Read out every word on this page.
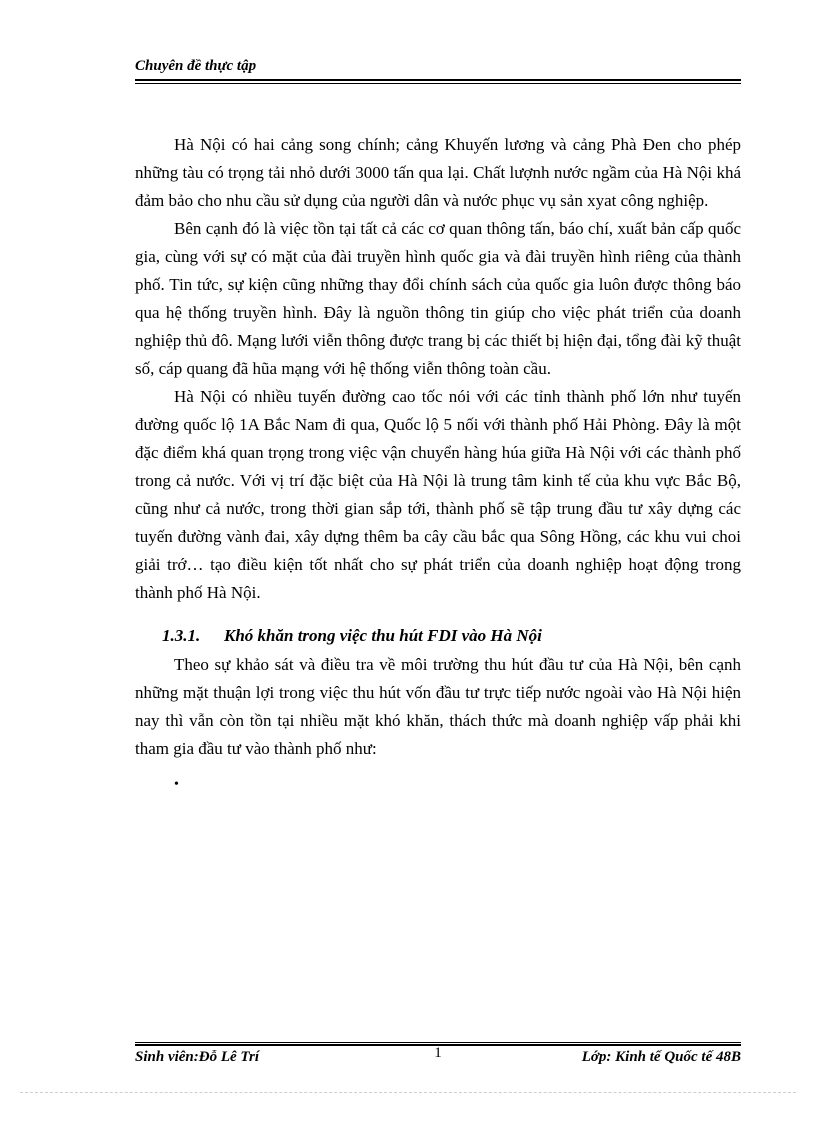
Chuyên đề thực tập

Hà Nội có hai cảng song chính; cảng Khuyến lương và cảng Phà Đen cho phép những tàu có trọng tải nhỏ dưới 3000 tấn qua lại. Chất lượnh nước ngầm của Hà Nội khá đảm bảo cho nhu cầu sử dụng của người dân và nước phục vụ sản xyat công nghiệp.

Bên cạnh đó là việc tồn tại tất cả các cơ quan thông tấn, báo chí, xuất bản cấp quốc gia, cùng với sự có mặt của đài truyền hình quốc gia và đài truyền hình riêng của thành phố. Tin tức, sự kiện cũng những thay đổi chính sách của quốc gia luôn được thông báo qua hệ thống truyền hình. Đây là nguồn thông tin giúp cho việc phát triển của doanh nghiệp thủ đô. Mạng lưới viễn thông được trang bị các thiết bị hiện đại, tổng đài kỹ thuật số, cáp quang đã hũa mạng với hệ thống viễn thông toàn cầu.

Hà Nội có nhiều tuyến đường cao tốc nói với các tỉnh thành phố lớn như tuyến đường quốc lộ 1A Bắc Nam đi qua, Quốc lộ 5 nối với thành phố Hải Phòng. Đây là một đặc điểm khá quan trọng trong việc vận chuyển hàng húa giữa Hà Nội với các thành phố trong cả nước. Với vị trí đặc biệt của Hà Nội là trung tâm kinh tế của khu vực Bắc Bộ, cũng như cả nước, trong thời gian sắp tới, thành phố sẽ tập trung đầu tư xây dựng các tuyến đường vành đai, xây dựng thêm ba cây cầu bắc qua Sông Hồng, các khu vui choi giải trớ… tạo điều kiện tốt nhất cho sự phát triển của doanh nghiệp hoạt động trong thành phố Hà Nội.

1.3.1. Khó khăn trong việc thu hút FDI vào Hà Nội

Theo sự khảo sát và điều tra về môi trường thu hút đầu tư của Hà Nội, bên cạnh những mặt thuận lợi trong việc thu hút vốn đầu tư trực tiếp nước ngoài vào Hà Nội hiện nay thì vẫn còn tồn tại nhiều mặt khó khăn, thách thức mà doanh nghiệp vấp phải khi tham gia đầu tư vào thành phố như:

•
Sinh viên:Đỗ Lê Trí	1	Lớp: Kinh tế Quốc tế 48B
